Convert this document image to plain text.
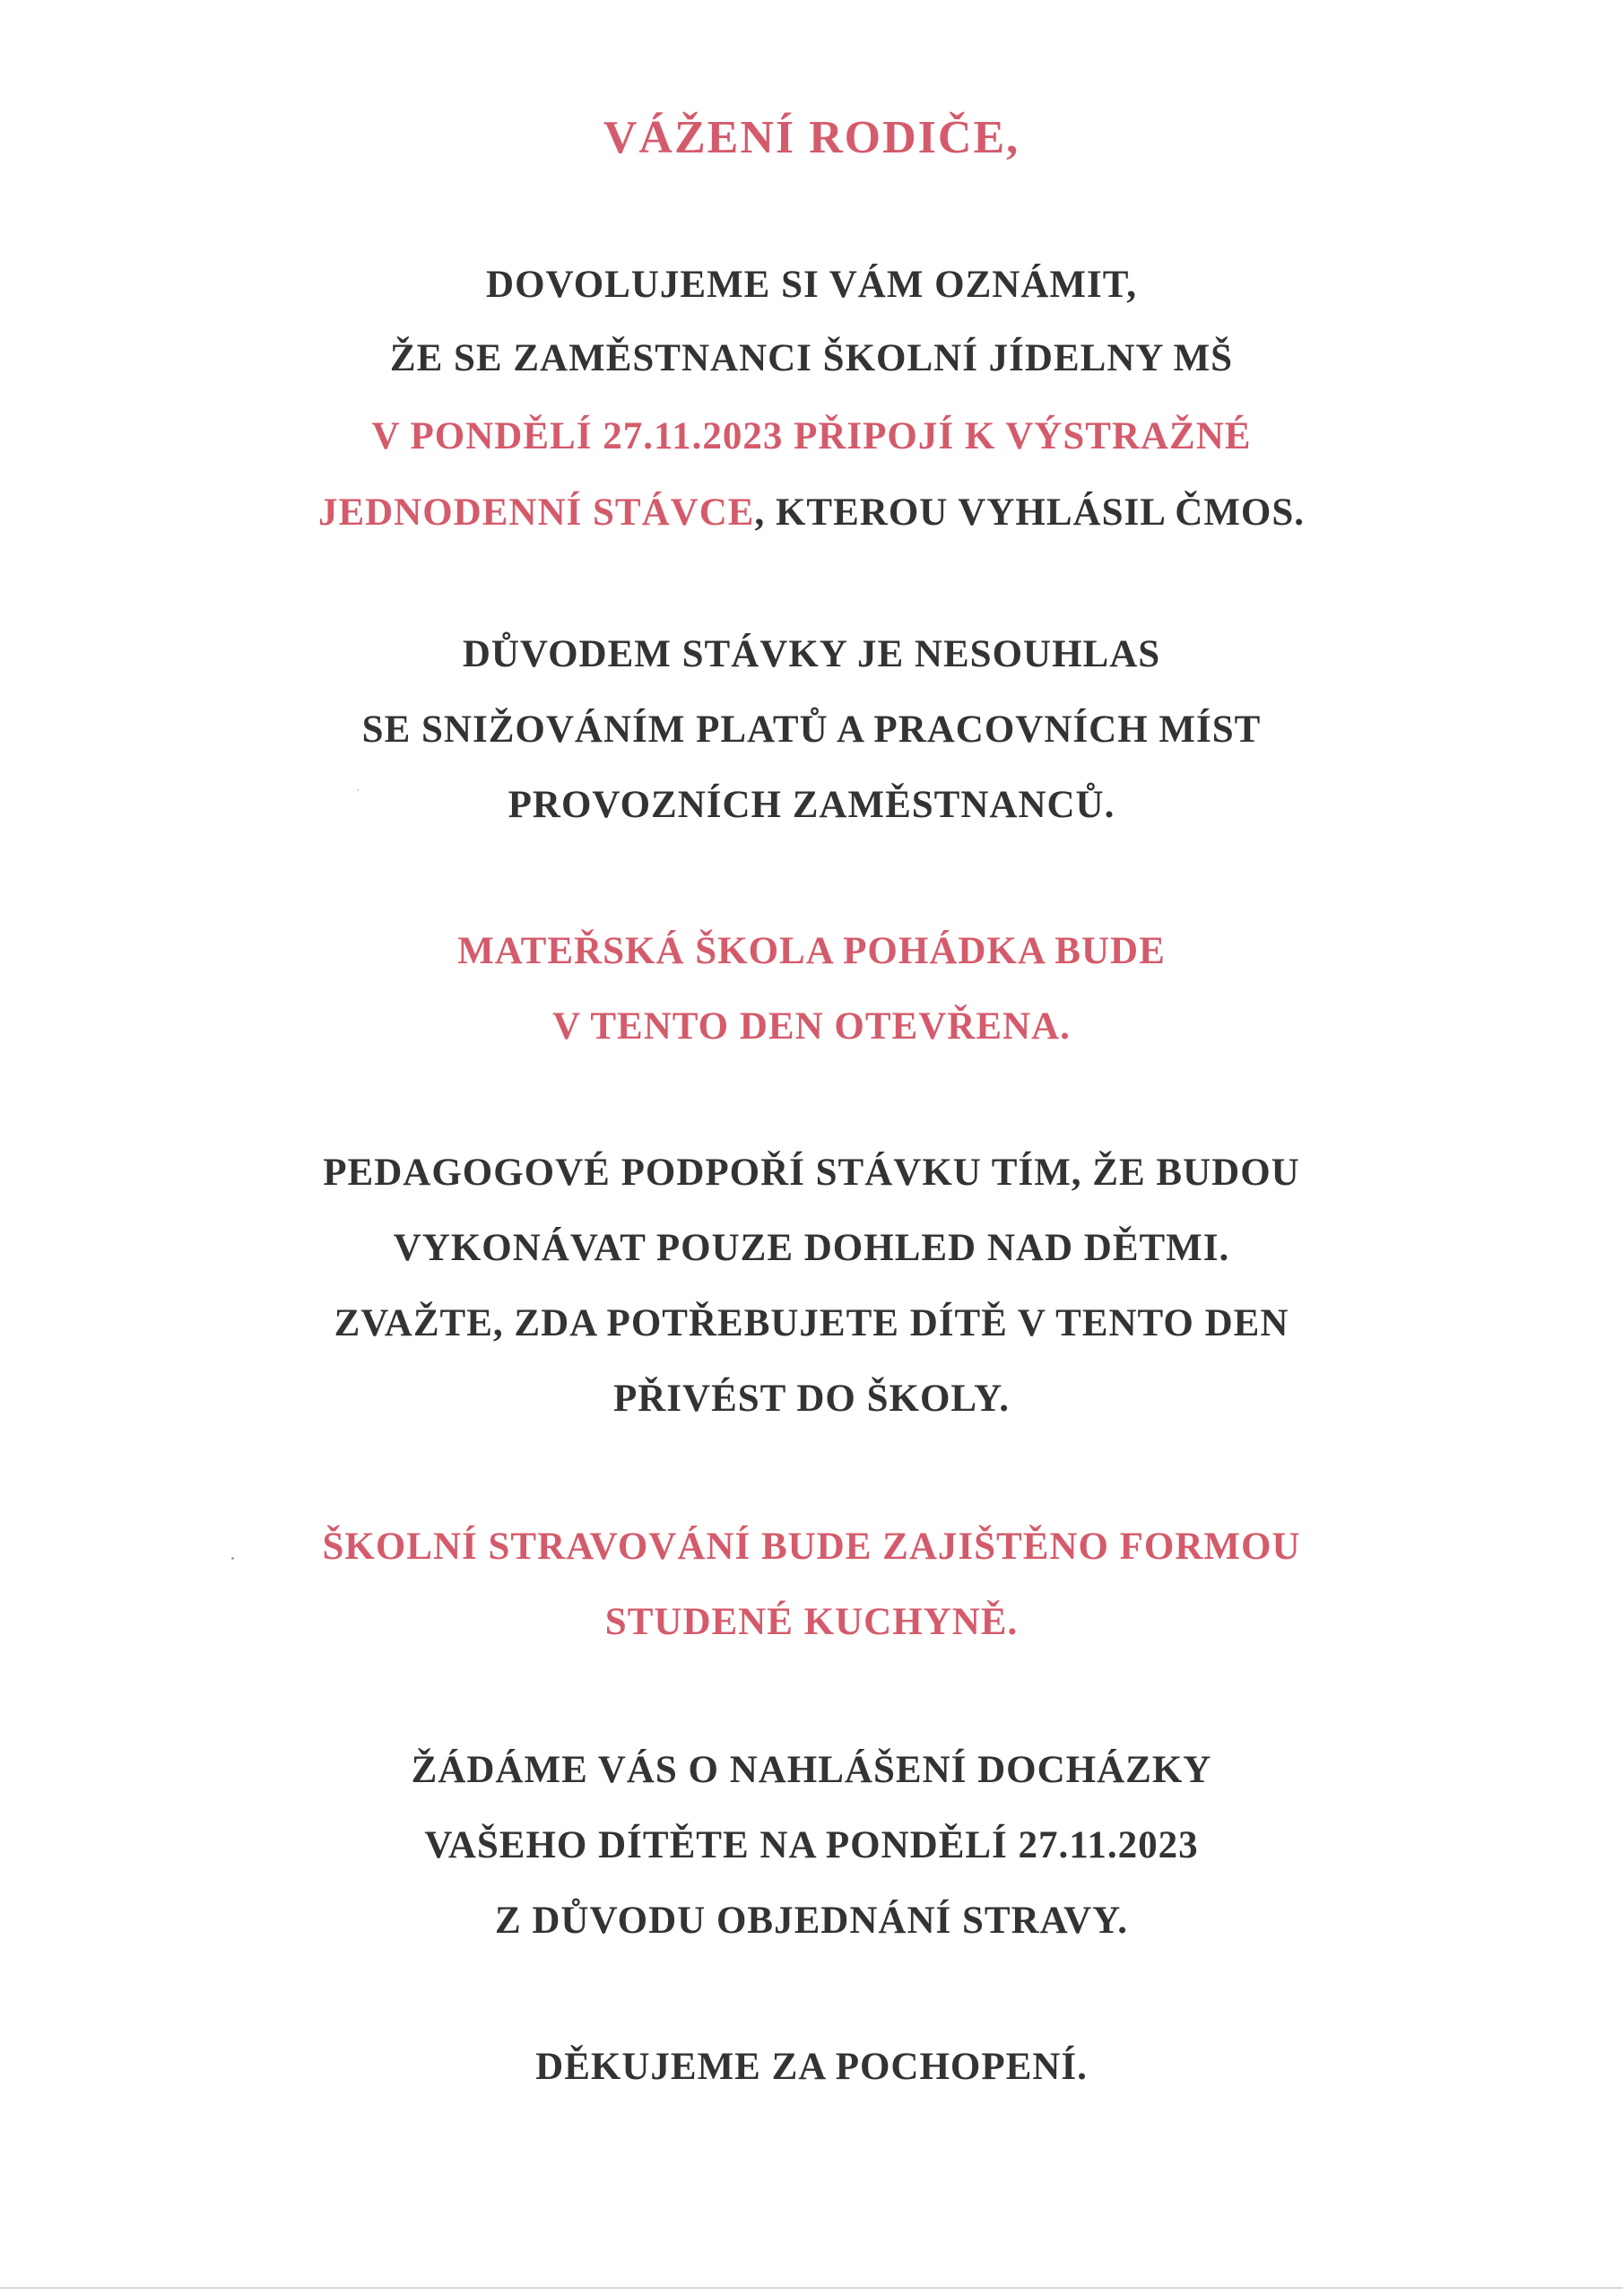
VÁŽENÍ RODIČE,
DOVOLUJEME SI VÁM OZNÁMIT,
ŽE SE ZAMĚSTNANCI ŠKOLNÍ JÍDELNY MŠ
V PONDĚLÍ 27.11.2023 PŘIPOJÍ K VÝSTRAŽNÉ
JEDNODENNÍ STÁVCE, KTEROU VYHLÁSIL ČMOS.
DŮVODEM STÁVKY JE NESOUHLAS
SE SNIŽOVÁNÍM PLATŮ A PRACOVNÍCH MÍST
PROVOZNÍCH ZAMĚSTNANCŮ.
MATEŘSKÁ ŠKOLA POHÁDKA BUDE
V TENTO DEN OTEVŘENA.
PEDAGOGOVÉ PODPOŘÍ STÁVKU TÍM, ŽE BUDOU
VYKONÁVAT POUZE DOHLED NAD DĚTMI.
ZVAŽTE, ZDA POTŘEBUJETE DÍTĚ V TENTO DEN
PŘIVÉST DO ŠKOLY.
ŠKOLNÍ STRAVOVÁNÍ BUDE ZAJIŠTĚNO FORMOU
STUDENÉ KUCHYNĚ.
ŽÁDÁME VÁS O NAHLÁŠENÍ DOCHÁZKY
VAŠEHO DÍTĚTE NA PONDĚLÍ 27.11.2023
Z DŮVODU OBJEDNÁNÍ STRAVY.
DĚKUJEME ZA POCHOPENÍ.
